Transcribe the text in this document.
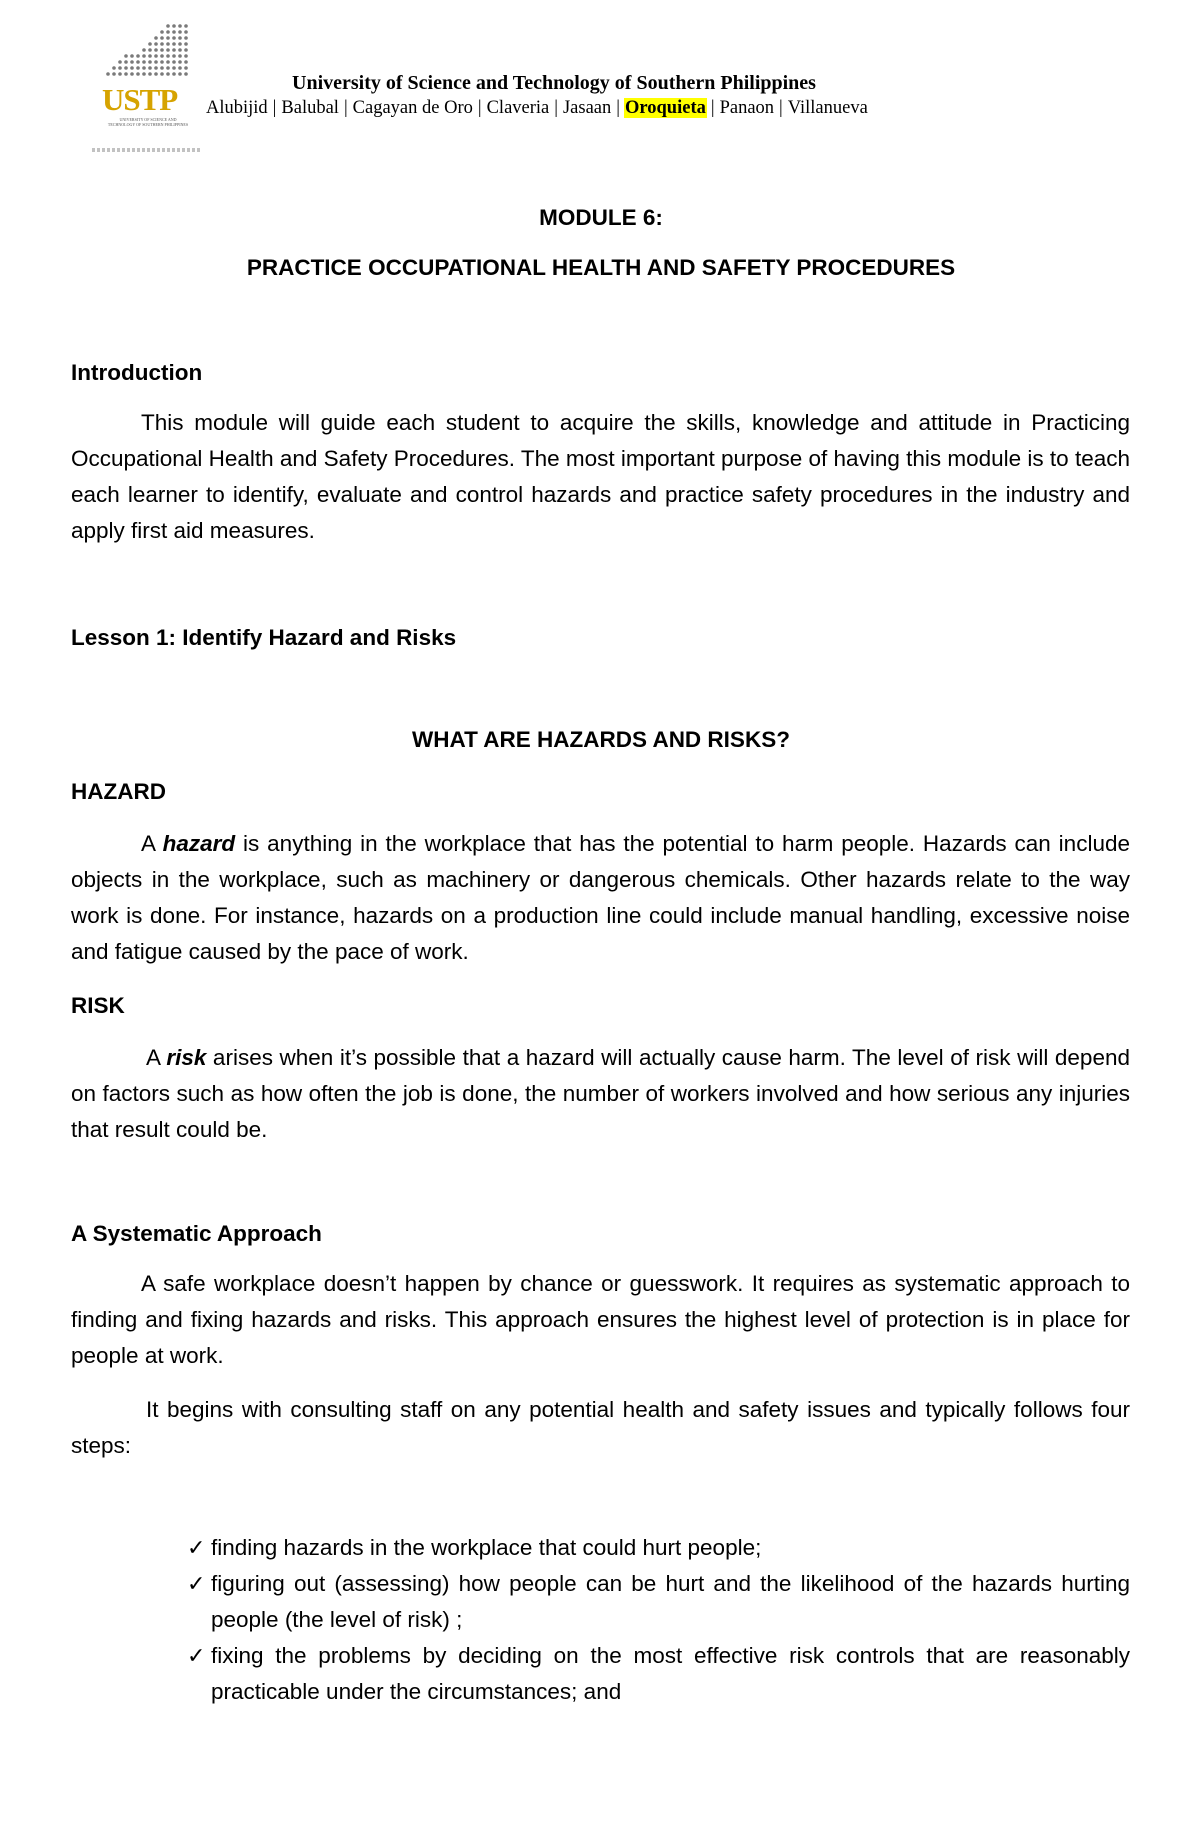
USTP
UNIVERSITY OF SCIENCE AND TECHNOLOGY OF SOUTHERN PHILIPPINES
University of Science and Technology of Southern Philippines
Alubijid | Balubal | Cagayan de Oro | Claveria | Jasaan | Oroquieta | Panaon | Villanueva

MODULE 6:

PRACTICE OCCUPATIONAL HEALTH AND SAFETY PROCEDURES

Introduction

This module will guide each student to acquire the skills, knowledge and attitude in Practicing Occupational Health and Safety Procedures. The most important purpose of having this module is to teach each learner to identify, evaluate and control hazards and practice safety procedures in the industry and apply first aid measures.

Lesson 1: Identify Hazard and Risks

WHAT ARE HAZARDS AND RISKS?

HAZARD

A hazard is anything in the workplace that has the potential to harm people. Hazards can include objects in the workplace, such as machinery or dangerous chemicals. Other hazards relate to the way work is done. For instance, hazards on a production line could include manual handling, excessive noise and fatigue caused by the pace of work.

RISK

A risk arises when it’s possible that a hazard will actually cause harm. The level of risk will depend on factors such as how often the job is done, the number of workers involved and how serious any injuries that result could be.

A Systematic Approach

A safe workplace doesn’t happen by chance or guesswork. It requires as systematic approach to finding and fixing hazards and risks. This approach ensures the highest level of protection is in place for people at work.

It begins with consulting staff on any potential health and safety issues and typically follows four steps:

✓ finding hazards in the workplace that could hurt people;
✓ figuring out (assessing) how people can be hurt and the likelihood of the hazards hurting people (the level of risk) ;
✓ fixing the problems by deciding on the most effective risk controls that are reasonably practicable under the circumstances; and
